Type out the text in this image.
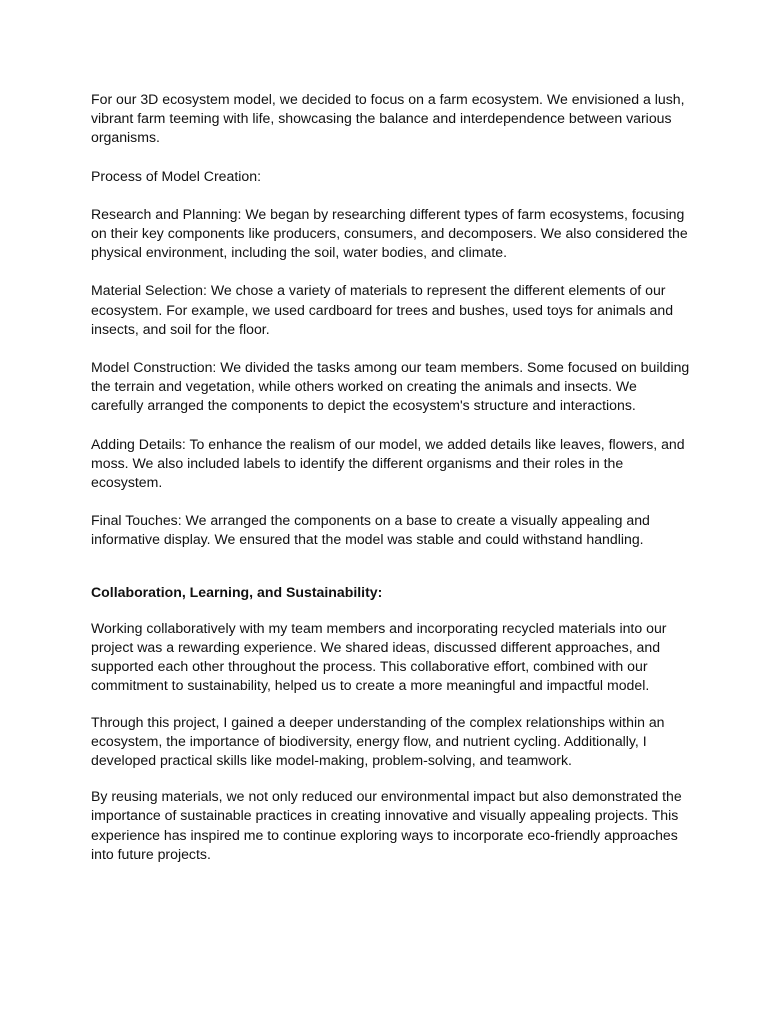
For our 3D ecosystem model, we decided to focus on a farm ecosystem. We envisioned a lush, vibrant farm teeming with life, showcasing the balance and interdependence between various organisms.

Process of Model Creation:

Research and Planning: We began by researching different types of farm ecosystems, focusing on their key components like producers, consumers, and decomposers. We also considered the physical environment, including the soil, water bodies, and climate.

Material Selection: We chose a variety of materials to represent the different elements of our ecosystem. For example, we used cardboard for trees and bushes, used toys for animals and insects, and soil for the floor.

Model Construction: We divided the tasks among our team members. Some focused on building the terrain and vegetation, while others worked on creating the animals and insects. We carefully arranged the components to depict the ecosystem's structure and interactions.

Adding Details: To enhance the realism of our model, we added details like leaves, flowers, and moss. We also included labels to identify the different organisms and their roles in the ecosystem.

Final Touches: We arranged the components on a base to create a visually appealing and informative display. We ensured that the model was stable and could withstand handling.

Collaboration, Learning, and Sustainability:

Working collaboratively with my team members and incorporating recycled materials into our project was a rewarding experience. We shared ideas, discussed different approaches, and supported each other throughout the process. This collaborative effort, combined with our commitment to sustainability, helped us to create a more meaningful and impactful model.

Through this project, I gained a deeper understanding of the complex relationships within an ecosystem, the importance of biodiversity, energy flow, and nutrient cycling. Additionally, I developed practical skills like model-making, problem-solving, and teamwork.

By reusing materials, we not only reduced our environmental impact but also demonstrated the importance of sustainable practices in creating innovative and visually appealing projects. This experience has inspired me to continue exploring ways to incorporate eco-friendly approaches into future projects.
